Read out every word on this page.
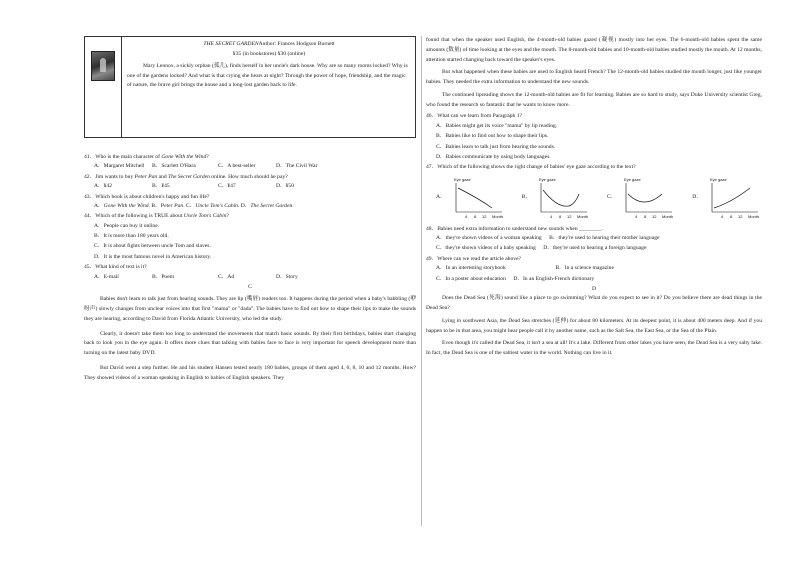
THE SECRET GARDENAuthor: Frances Hodgson Burnett
¥35 (in bookstores) ¥30 (online)
Mary Lennox, a sickly orphan (孤儿), finds herself in her uncle's dark house. Why are so many rooms locked? Why is one of the gardens locked? And what is that crying she hears at night? Through the power of hope, friendship, and the magic of nature, the brave girl brings the house and a long-lost garden back to life.
41．Who is the main character of Gone With the Wind?
A．Margaret Mitchell	B．Scarlett O'Hara	C．A best-seller	D．The Civil War
42．Jim wants to buy Peter Pan and The Secret Garden online. How much should he pay?
A．¥42	B．¥45	C．¥47	D．¥50
43．Which book is about children's happy and fun life?
A．Gone With the Wind. B．Peter Pan. C．Uncle Tom's Cabin. D．The Secret Garden.
44．Which of the following is TRUE about Uncle Tom's Cabin?
A．People can buy it online.
B．It is more than 180 years old.
C．It is about fights between uncle Tom and slaves.
D．It is the most famous novel in American history.
45．What kind of text is it?
A．E-mail	B．Poem	C．Ad	D．Story
C
Babies don't learn to talk just from hearing sounds. They are lip (嘴唇) readers too. It happens during the period when a baby's babbling (咿呀声) slowly changes from unclear voices into that first "mama" or "dada". The babies have to find out how to shape their lips to make the sounds they are hearing, according to David from Florida Atlantic University, who led the study.
Clearly, it doesn't take them too long to understand the movements that match basic sounds. By their first birthdays, babies start changing back to look you in the eye again. It offers more clues that talking with babies face to face is very important for speech development more than turning on the latest baby DVD.
But David went a step further. He and his student Hansen tested nearly 180 babies, groups of them aged 4, 6, 8, 10 and 12 months. How? They showed videos of a woman speaking in English to babies of English speakers. They
found that when the speaker used English, the 4-month-old babies gazed (凝视) mostly into her eyes. The 6-month-old babies spent the same amounts (数量) of time looking at the eyes and the mouth. The 8-month-old babies and 10-month-old babies studied mostly the mouth. At 12 months, attention started changing back toward the speaker's eyes.
But what happened when these babies are used to English heard French? The 12-month-old babies studied the mouth longer, just like younger babies. They needed the extra information to understand the new sounds.
The continued lipreading shows the 12-month-old babies are fit for learning. Babies are so hard to study, says Duke University scientist Greg, who found the research so fantastic that he wants to know more.
46．What can we learn from Paragraph 1?
A．Babies might get its voice "mama" by lip reading.
B．Babies like to find out how to shape their lips.
C．Babies learn to talk just from hearing the sounds.
D．Babies communicate by using body languages.
47．Which of the following shows the right change of babies' eye gaze according to the text?
A．
Eye gaze
4 8 12 Month
B．
Eye gaze
4 8 12 Month
C．
Eye gaze
4 8 12 Month
D．
Eye gaze
4 8 12 Month
48．Babies need extra information to understand new sounds when ________.
A．they're shown videos of a woman speaking B．they're used to hearing their mother language
C．they're shown videos of a baby speaking D．they're used to hearing a foreign language
49．Where can we read the article above?
A．In an interesting storybook	B．In a science magazine
C．In a poster about education D．In an English-French dictionary
D
Does the Dead Sea (死海) sound like a place to go swimming? What do you expect to see in it? Do you believe there are dead things in the Dead Sea?
Lying in southwest Asia, the Dead Sea stretches (延伸) for about 80 kilometers. At its deepest point, it is about 400 meters deep. And if you happen to be in that area, you might hear people call it by another name, such as the Salt Sea, the East Sea, or the Sea of the Plain.
Even though it's called the Dead Sea, it isn't a sea at all! It's a lake. Different from other lakes you have seen, the Dead Sea is a very salty lake. In fact, the Dead Sea is one of the saltiest water in the world. Nothing can live in it.
